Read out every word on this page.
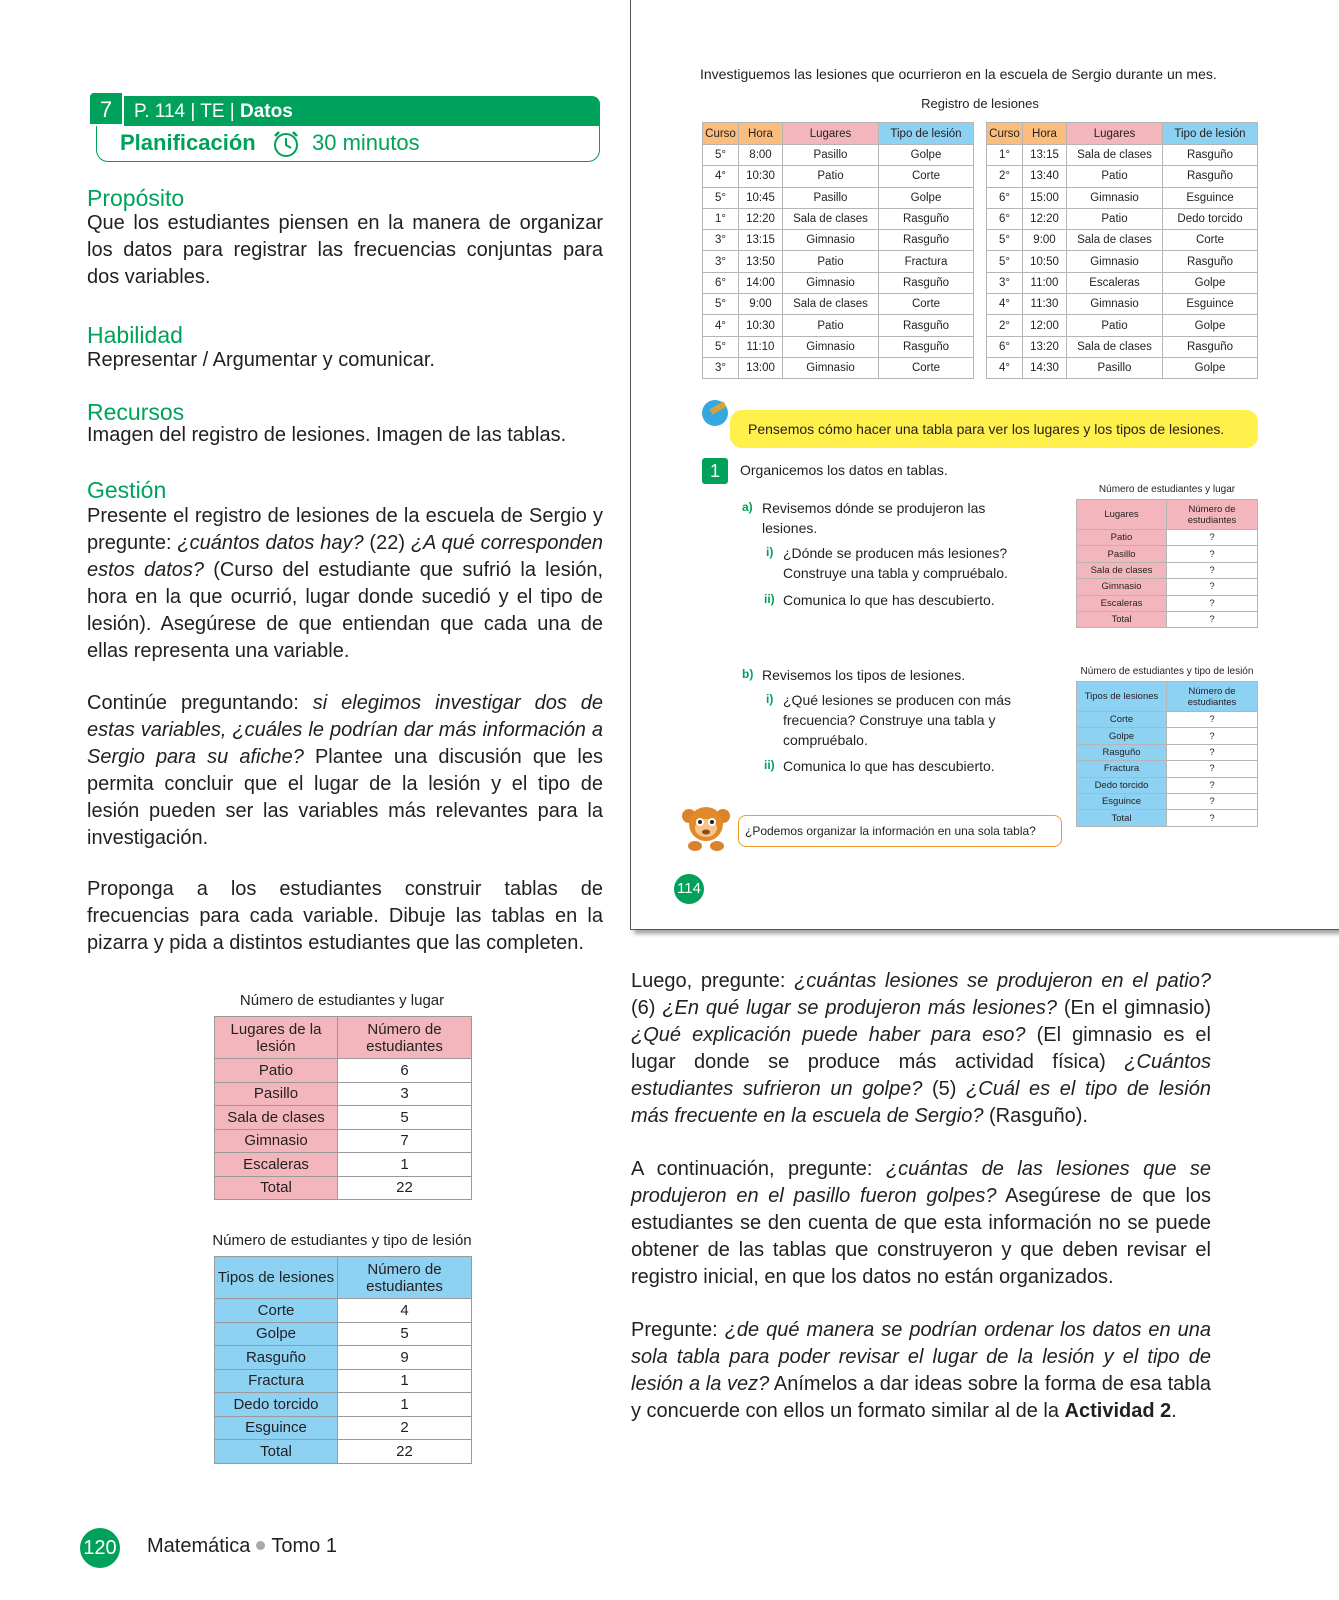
7	P. 114 | TE | Datos
Planificación	30 minutos
Propósito
Que los estudiantes piensen en la manera de organizar los datos para registrar las frecuencias conjuntas para dos variables.
Habilidad
Representar / Argumentar y comunicar.
Recursos
Imagen del registro de lesiones. Imagen de las tablas.
Gestión
Presente el registro de lesiones de la escuela de Sergio y pregunte: ¿cuántos datos hay? (22) ¿A qué corresponden estos datos? (Curso del estudiante que sufrió la lesión, hora en la que ocurrió, lugar donde sucedió y el tipo de lesión). Asegúrese de que entiendan que cada una de ellas representa una variable.
Continúe preguntando: si elegimos investigar dos de estas variables, ¿cuáles le podrían dar más información a Sergio para su afiche? Plantee una discusión que les permita concluir que el lugar de la lesión y el tipo de lesión pueden ser las variables más relevantes para la investigación.
Proponga a los estudiantes construir tablas de frecuencias para cada variable. Dibuje las tablas en la pizarra y pida a distintos estudiantes que las completen.
Número de estudiantes y lugar
Lugares de la lesión	Número de estudiantes
Patio	6
Pasillo	3
Sala de clases	5
Gimnasio	7
Escaleras	1
Total	22
Número de estudiantes y tipo de lesión
Tipos de lesiones	Número de estudiantes
Corte	4
Golpe	5
Rasguño	9
Fractura	1
Dedo torcido	1
Esguince	2
Total	22
Investiguemos las lesiones que ocurrieron en la escuela de Sergio durante un mes.
Registro de lesiones
Curso	Hora	Lugares	Tipo de lesión
5°	8:00	Pasillo	Golpe
4°	10:30	Patio	Corte
5°	10:45	Pasillo	Golpe
1°	12:20	Sala de clases	Rasguño
3°	13:15	Gimnasio	Rasguño
3°	13:50	Patio	Fractura
6°	14:00	Gimnasio	Rasguño
5°	9:00	Sala de clases	Corte
4°	10:30	Patio	Rasguño
5°	11:10	Gimnasio	Rasguño
3°	13:00	Gimnasio	Corte
Curso	Hora	Lugares	Tipo de lesión
1°	13:15	Sala de clases	Rasguño
2°	13:40	Patio	Rasguño
6°	15:00	Gimnasio	Esguince
6°	12:20	Patio	Dedo torcido
5°	9:00	Sala de clases	Corte
5°	10:50	Gimnasio	Rasguño
3°	11:00	Escaleras	Golpe
4°	11:30	Gimnasio	Esguince
2°	12:00	Patio	Golpe
6°	13:20	Sala de clases	Rasguño
4°	14:30	Pasillo	Golpe
Pensemos cómo hacer una tabla para ver los lugares y los tipos de lesiones.
1	Organicemos los datos en tablas.
a) Revisemos dónde se produjeron las lesiones.
i) ¿Dónde se producen más lesiones? Construye una tabla y compruébalo.
ii) Comunica lo que has descubierto.
b) Revisemos los tipos de lesiones.
i) ¿Qué lesiones se producen con más frecuencia? Construye una tabla y compruébalo.
ii) Comunica lo que has descubierto.
Número de estudiantes y lugar
Lugares	Número de estudiantes
Patio	?
Pasillo	?
Sala de clases	?
Gimnasio	?
Escaleras	?
Total	?
Número de estudiantes y tipo de lesión
Tipos de lesiones	Número de estudiantes
Corte	?
Golpe	?
Rasguño	?
Fractura	?
Dedo torcido	?
Esguince	?
Total	?
¿Podemos organizar la información en una sola tabla?
114
Luego, pregunte: ¿cuántas lesiones se produjeron en el patio? (6) ¿En qué lugar se produjeron más lesiones? (En el gimnasio) ¿Qué explicación puede haber para eso? (El gimnasio es el lugar donde se produce más actividad física) ¿Cuántos estudiantes sufrieron un golpe? (5) ¿Cuál es el tipo de lesión más frecuente en la escuela de Sergio? (Rasguño).
A continuación, pregunte: ¿cuántas de las lesiones que se produjeron en el pasillo fueron golpes? Asegúrese de que los estudiantes se den cuenta de que esta información no se puede obtener de las tablas que construyeron y que deben revisar el registro inicial, en que los datos no están organizados.
Pregunte: ¿de qué manera se podrían ordenar los datos en una sola tabla para poder revisar el lugar de la lesión y el tipo de lesión a la vez? Anímelos a dar ideas sobre la forma de esa tabla y concuerde con ellos un formato similar al de la Actividad 2.
120 Matemática Tomo 1
